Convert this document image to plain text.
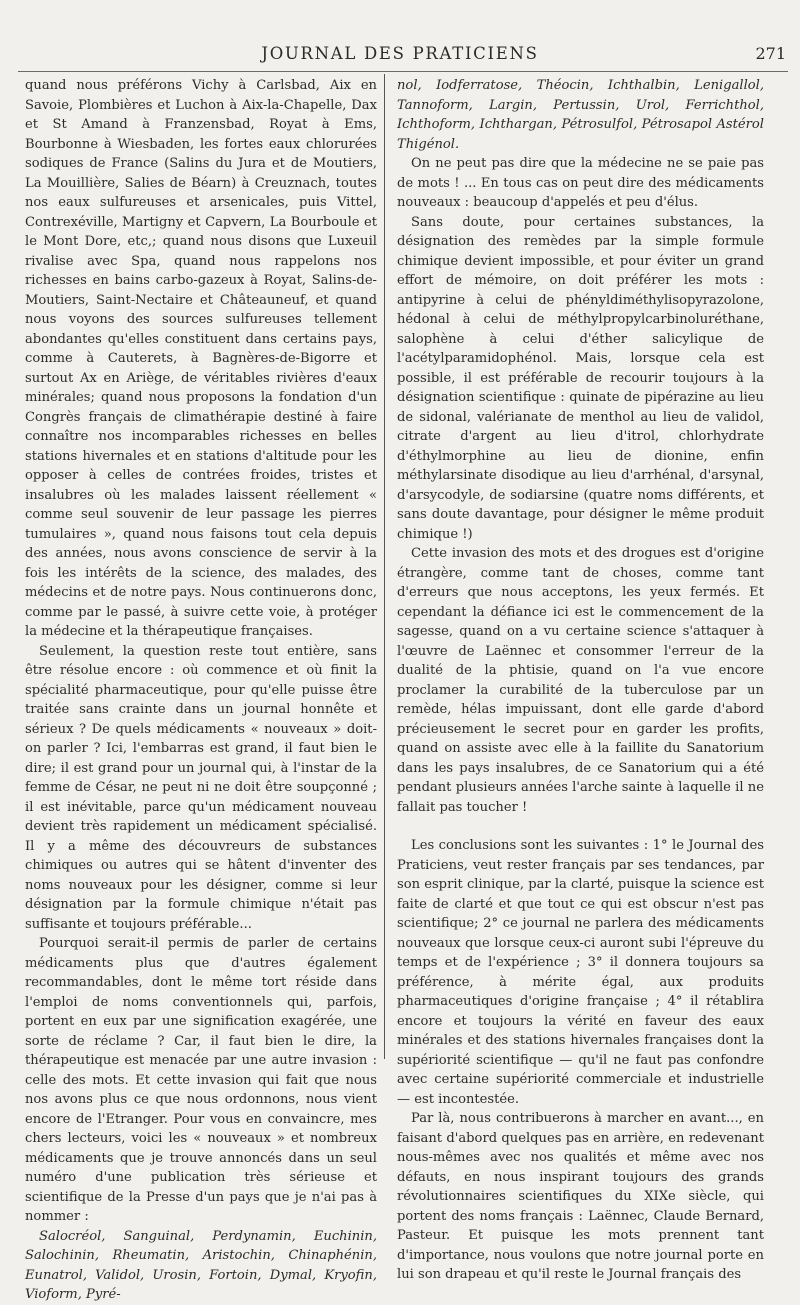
JOURNAL DES PRATICIENS	271

quand nous préférons Vichy à Carlsbad, Aix en Savoie, Plombières et Luchon à Aix-la-Chapelle, Dax et St Amand à Franzensbad, Royat à Ems, Bourbonne à Wiesbaden, les fortes eaux chlorurées sodiques de France (Salins du Jura et de Moutiers, La Mouillière, Salies de Béarn) à Creuznach, toutes nos eaux sulfureuses et arsenicales, puis Vittel, Contrexéville, Martigny et Capvern, La Bourboule et le Mont Dore, etc,; quand nous disons que Luxeuil rivalise avec Spa, quand nous rappelons nos richesses en bains carbo-gazeux à Royat, Salins-de-Moutiers, Saint-Nectaire et Châteauneuf, et quand nous voyons des sources sulfureuses tellement abondantes qu'elles constituent dans certains pays, comme à Cauterets, à Bagnères-de-Bigorre et surtout Ax en Ariège, de véritables rivières d'eaux minérales; quand nous proposons la fondation d'un Congrès français de climathérapie destiné à faire connaître nos incomparables richesses en belles stations hivernales et en stations d'altitude pour les opposer à celles de contrées froides, tristes et insalubres où les malades laissent réellement « comme seul souvenir de leur passage les pierres tumulaires », quand nous faisons tout cela depuis des années, nous avons conscience de servir à la fois les intérêts de la science, des malades, des médecins et de notre pays. Nous continuerons donc, comme par le passé, à suivre cette voie, à protéger la médecine et la thérapeutique françaises.

Seulement, la question reste tout entière, sans être résolue encore : où commence et où finit la spécialité pharmaceutique, pour qu'elle puisse être traitée sans crainte dans un journal honnête et sérieux ? De quels médicaments « nouveaux » doit-on parler ? Ici, l'embarras est grand, il faut bien le dire; il est grand pour un journal qui, à l'instar de la femme de César, ne peut ni ne doit être soupçonné ; il est inévitable, parce qu'un médicament nouveau devient très rapidement un médicament spécialisé. Il y a même des découvreurs de substances chimiques ou autres qui se hâtent d'inventer des noms nouveaux pour les désigner, comme si leur désignation par la formule chimique n'était pas suffisante et toujours préférable...

Pourquoi serait-il permis de parler de certains médicaments plus que d'autres également recommandables, dont le même tort réside dans l'emploi de noms conventionnels qui, parfois, portent en eux par une signification exagérée, une sorte de réclame ? Car, il faut bien le dire, la thérapeutique est menacée par une autre invasion : celle des mots. Et cette invasion qui fait que nous nos avons plus ce que nous ordonnons, nous vient encore de l'Etranger. Pour vous en convaincre, mes chers lecteurs, voici les « nouveaux » et nombreux médicaments que je trouve annoncés dans un seul numéro d'une publication très sérieuse et scientifique de la Presse d'un pays que je n'ai pas à nommer :

Salocréol, Sanguinal, Perdynamin, Euchinin, Salochinin, Rheumatin, Aristochin, Chinaphénin, Eunatrol, Validol, Urosin, Fortoin, Dymal, Kryofin, Vioform, Pyré-

nol, Iodferratose, Théocin, Ichthalbin, Lenigallol, Tannoform, Largin, Pertussin, Urol, Ferrichthol, Ichthoform, Ichthargan, Pétrosulfol, Pétrosapol Astérol Thigénol.

On ne peut pas dire que la médecine ne se paie pas de mots ! ... En tous cas on peut dire des médicaments nouveaux : beaucoup d'appelés et peu d'élus.

Sans doute, pour certaines substances, la désignation des remèdes par la simple formule chimique devient impossible, et pour éviter un grand effort de mémoire, on doit préférer les mots : antipyrine à celui de phényldiméthylisopyrazolone, hédonal à celui de méthylpropylcarbinoluréthane, salophène à celui d'éther salicylique de l'acétylparamidophénol. Mais, lorsque cela est possible, il est préférable de recourir toujours à la désignation scientifique : quinate de pipérazine au lieu de sidonal, valérianate de menthol au lieu de validol, citrate d'argent au lieu d'itrol, chlorhydrate d'éthylmorphine au lieu de dionine, enfin méthylarsinate disodique au lieu d'arrhénal, d'arsynal, d'arsycodyle, de sodiarsine (quatre noms différents, et sans doute davantage, pour désigner le même produit chimique !)

Cette invasion des mots et des drogues est d'origine étrangère, comme tant de choses, comme tant d'erreurs que nous acceptons, les yeux fermés. Et cependant la défiance ici est le commencement de la sagesse, quand on a vu certaine science s'attaquer à l'œuvre de Laënnec et consommer l'erreur de la dualité de la phtisie, quand on l'a vue encore proclamer la curabilité de la tuberculose par un remède, hélas impuissant, dont elle garde d'abord précieusement le secret pour en garder les profits, quand on assiste avec elle à la faillite du Sanatorium dans les pays insalubres, de ce Sanatorium qui a été pendant plusieurs années l'arche sainte à laquelle il ne fallait pas toucher !

Les conclusions sont les suivantes : 1° le Journal des Praticiens, veut rester français par ses tendances, par son esprit clinique, par la clarté, puisque la science est faite de clarté et que tout ce qui est obscur n'est pas scientifique; 2° ce journal ne parlera des médicaments nouveaux que lorsque ceux-ci auront subi l'épreuve du temps et de l'expérience ; 3° il donnera toujours sa préférence, à mérite égal, aux produits pharmaceutiques d'origine française ; 4° il rétablira encore et toujours la vérité en faveur des eaux minérales et des stations hivernales françaises dont la supériorité scientifique — qu'il ne faut pas confondre avec certaine supériorité commerciale et industrielle — est incontestée.

Par là, nous contribuerons à marcher en avant..., en faisant d'abord quelques pas en arrière, en redevenant nous-mêmes avec nos qualités et même avec nos défauts, en nous inspirant toujours des grands révolutionnaires scientifiques du XIXe siècle, qui portent des noms français : Laënnec, Claude Bernard, Pasteur. Et puisque les mots prennent tant d'importance, nous voulons que notre journal porte en lui son drapeau et qu'il reste le Journal français des
